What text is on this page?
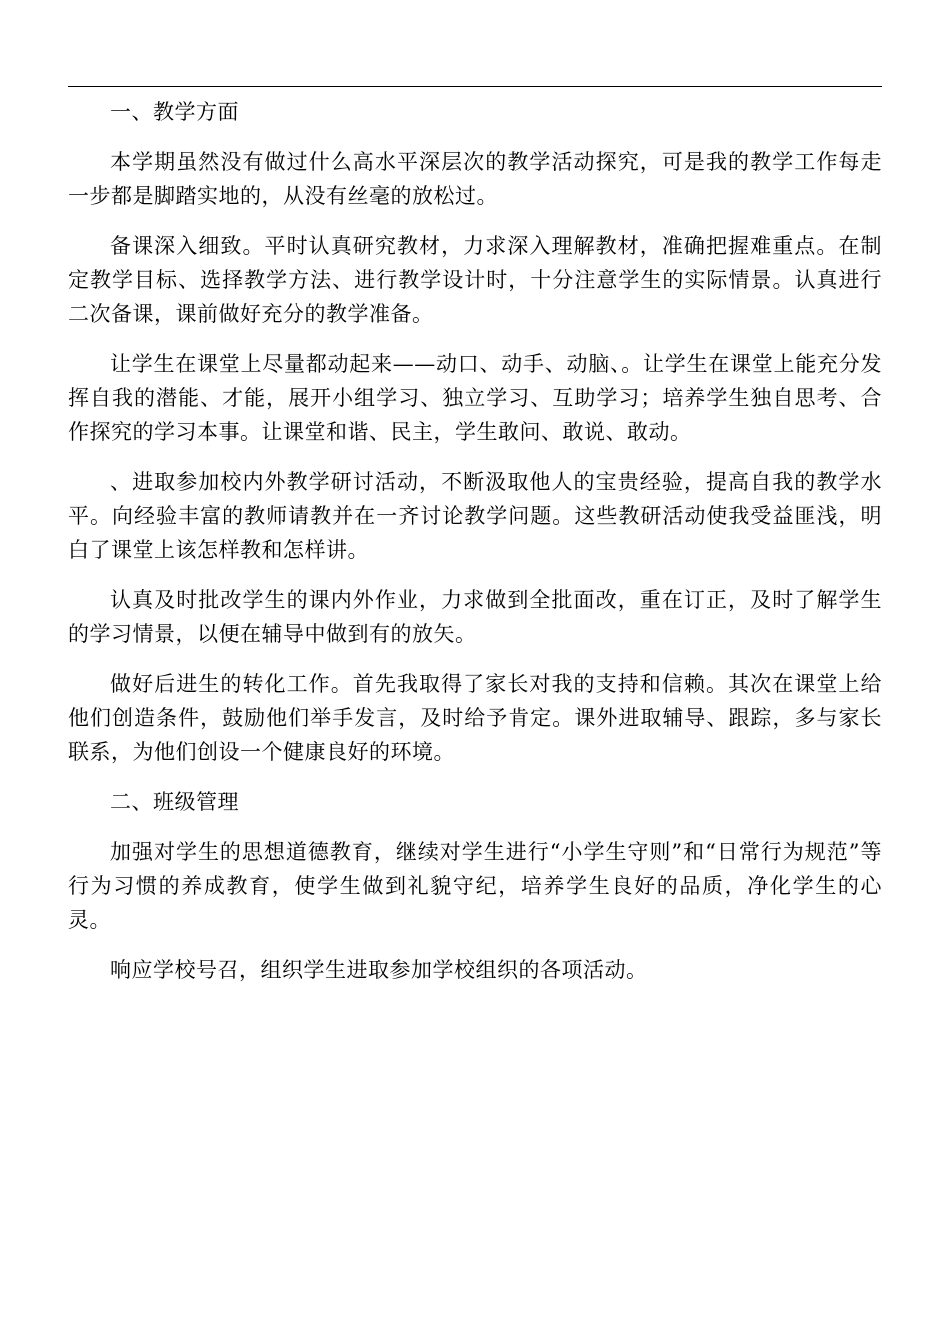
一、教学方面

本学期虽然没有做过什么高水平深层次的教学活动探究，可是我的教学工作每走一步都是脚踏实地的，从没有丝毫的放松过。

备课深入细致。平时认真研究教材，力求深入理解教材，准确把握难重点。在制定教学目标、选择教学方法、进行教学设计时，十分注意学生的实际情景。认真进行二次备课，课前做好充分的教学准备。

让学生在课堂上尽量都动起来——动口、动手、动脑、。让学生在课堂上能充分发挥自我的潜能、才能，展开小组学习、独立学习、互助学习；培养学生独自思考、合作探究的学习本事。让课堂和谐、民主，学生敢问、敢说、敢动。

、进取参加校内外教学研讨活动，不断汲取他人的宝贵经验，提高自我的教学水平。向经验丰富的教师请教并在一齐讨论教学问题。这些教研活动使我受益匪浅，明白了课堂上该怎样教和怎样讲。

认真及时批改学生的课内外作业，力求做到全批面改，重在订正，及时了解学生的学习情景，以便在辅导中做到有的放矢。

做好后进生的转化工作。首先我取得了家长对我的支持和信赖。其次在课堂上给他们创造条件，鼓励他们举手发言，及时给予肯定。课外进取辅导、跟踪，多与家长联系，为他们创设一个健康良好的环境。

二、班级管理

加强对学生的思想道德教育，继续对学生进行“小学生守则”和“日常行为规范”等行为习惯的养成教育，使学生做到礼貌守纪，培养学生良好的品质，净化学生的心灵。

响应学校号召，组织学生进取参加学校组织的各项活动。
